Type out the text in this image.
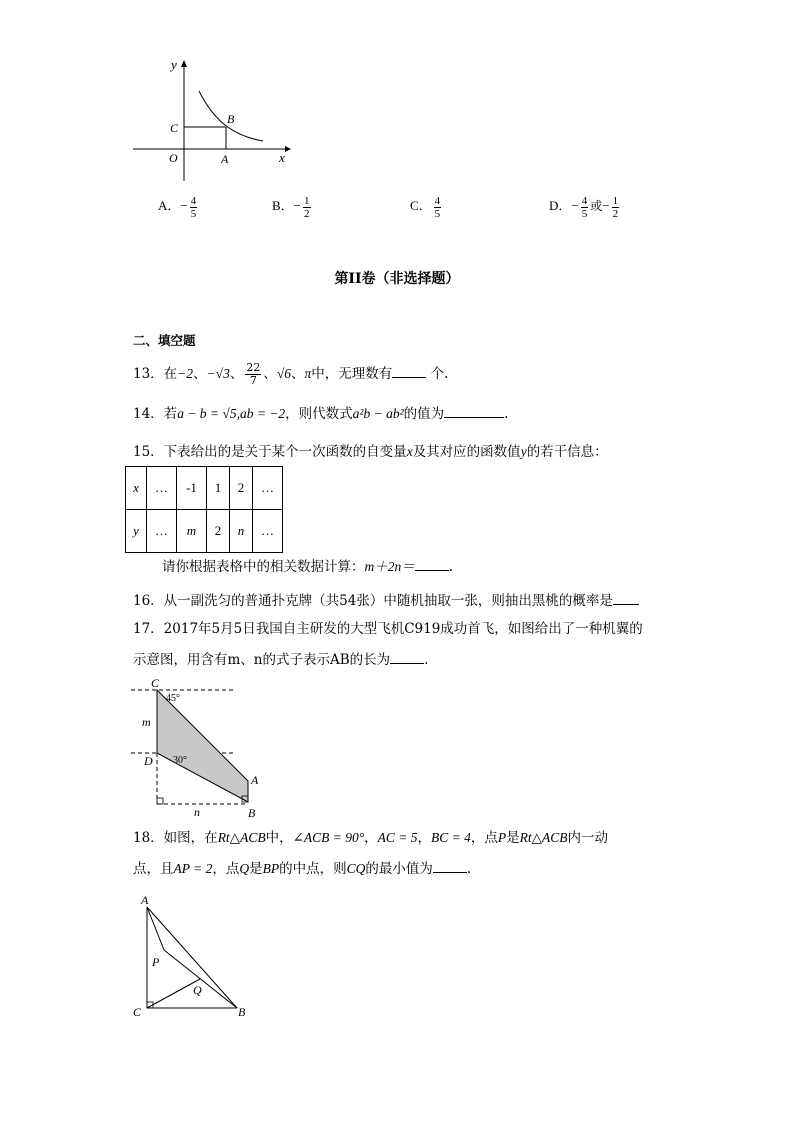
y
x
O	A
B
C
A．− $\frac{4}{5}$	B．− $\frac{1}{2}$	C． $\frac{4}{5}$	D．− $\frac{4}{5}$ 或− $\frac{1}{2}$
第II卷（非选择题）
二、填空题
13．在−2、−√3、 $\frac{22}{7}$ 、√6、π中，无理数有	个.
14．若a − b = √5,ab = −2，则代数式a²b − ab²的值为	.
15．下表给出的是关于某个一次函数的自变量x及其对应的函数值y的若干信息：
x	…	-1	1	2	…
y	…	m	2	n	…
请你根据表格中的相关数据计算：m＋2n＝	.
16．从一副洗匀的普通扑克牌（共54张）中随机抽取一张，则抽出黑桃的概率是
17．2017年5月5日我国自主研发的大型飞机C919成功首飞，如图给出了一种机翼的
示意图，用含有m、n的式子表示AB的长为	.
C
D
A
B
m
n
45°
30°
18．如图，在Rt△ACB中，∠ACB = 90°，AC = 5，BC = 4，点P是Rt△ACB内一动
点，且AP = 2，点Q是BP的中点，则CQ的最小值为	.
A
P
Q
C	B
